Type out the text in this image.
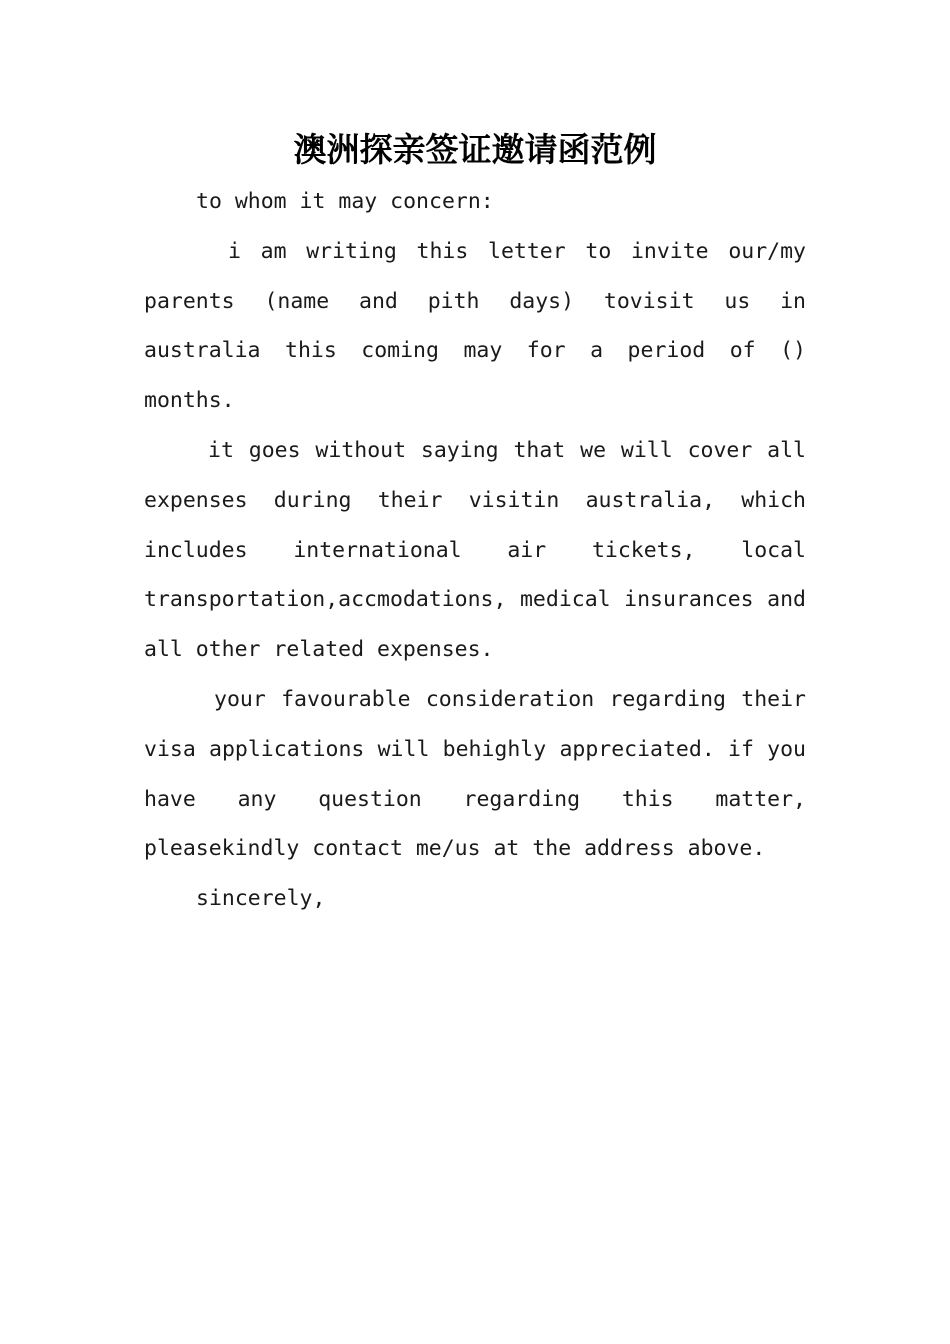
澳洲探亲签证邀请函范例

to whom it may concern:

i am writing this letter to invite our/my parents (name and pith days) tovisit us in australia this coming may for a period of () months.

it goes without saying that we will cover all expenses during their visitin australia, which includes international air tickets, local transportation,accmodations, medical insurances and all other related expenses.

your favourable consideration regarding their visa applications will behighly appreciated. if you have any question regarding this matter, pleasekindly contact me/us at the address above.

sincerely,
